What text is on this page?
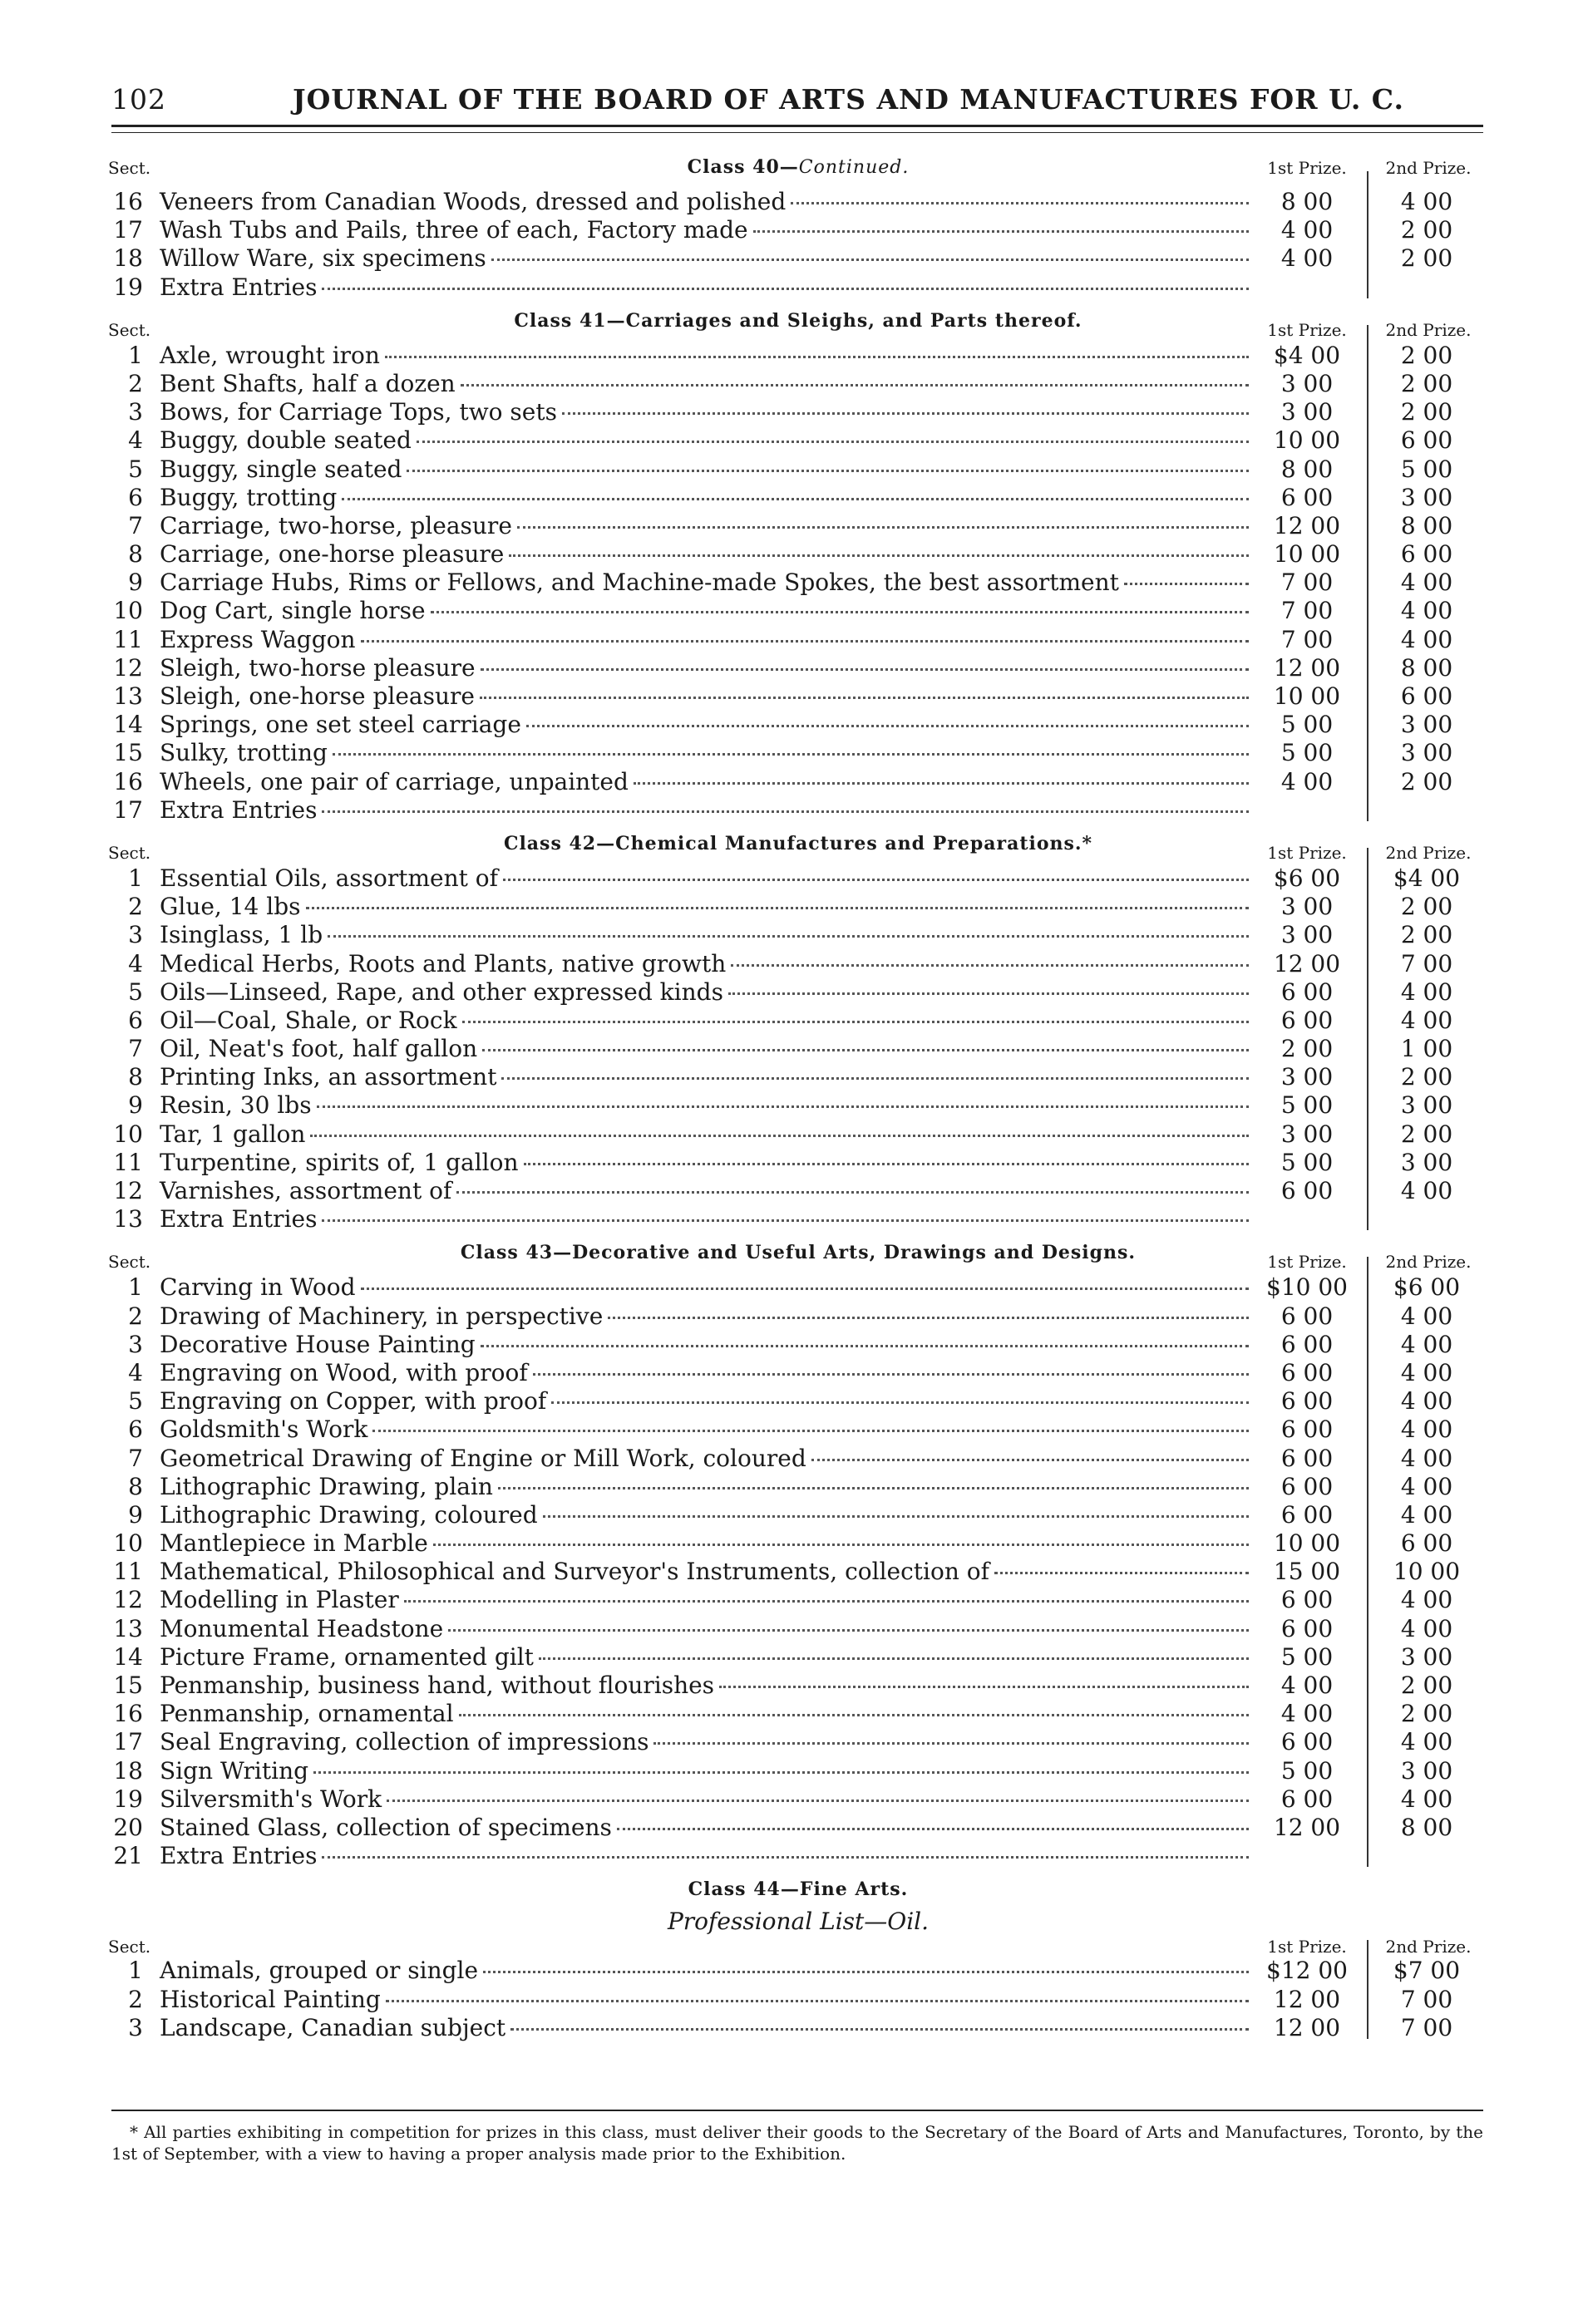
102	JOURNAL OF THE BOARD OF ARTS AND MANUFACTURES FOR U. C.
Sect.	Class 40—Continued.	1st Prize.	2nd Prize.
16 Veneers from Canadian Woods, dressed and polished	8 00	4 00
17 Wash Tubs and Pails, three of each, Factory made	4 00	2 00
18 Willow Ware, six specimens	4 00	2 00
19 Extra Entries
Sect.	Class 41—Carriages and Sleighs, and Parts thereof.	1st Prize.	2nd Prize.
1 Axle, wrought iron	$4 00	2 00
2 Bent Shafts, half a dozen	3 00	2 00
3 Bows, for Carriage Tops, two sets	3 00	2 00
4 Buggy, double seated	10 00	6 00
5 Buggy, single seated	8 00	5 00
6 Buggy, trotting	6 00	3 00
7 Carriage, two-horse, pleasure	12 00	8 00
8 Carriage, one-horse pleasure	10 00	6 00
9 Carriage Hubs, Rims or Fellows, and Machine-made Spokes, the best assortment	7 00	4 00
10 Dog Cart, single horse	7 00	4 00
11 Express Waggon	7 00	4 00
12 Sleigh, two-horse pleasure	12 00	8 00
13 Sleigh, one-horse pleasure	10 00	6 00
14 Springs, one set steel carriage	5 00	3 00
15 Sulky, trotting	5 00	3 00
16 Wheels, one pair of carriage, unpainted	4 00	2 00
17 Extra Entries
Sect.	Class 42—Chemical Manufactures and Preparations.*	1st Prize.	2nd Prize.
1 Essential Oils, assortment of	$6 00	$4 00
2 Glue, 14 lbs	3 00	2 00
3 Isinglass, 1 lb	3 00	2 00
4 Medical Herbs, Roots and Plants, native growth	12 00	7 00
5 Oils—Linseed, Rape, and other expressed kinds	6 00	4 00
6 Oil—Coal, Shale, or Rock	6 00	4 00
7 Oil, Neat's foot, half gallon	2 00	1 00
8 Printing Inks, an assortment	3 00	2 00
9 Resin, 30 lbs	5 00	3 00
10 Tar, 1 gallon	3 00	2 00
11 Turpentine, spirits of, 1 gallon	5 00	3 00
12 Varnishes, assortment of	6 00	4 00
13 Extra Entries
Sect.	Class 43—Decorative and Useful Arts, Drawings and Designs.	1st Prize.	2nd Prize.
1 Carving in Wood	$10 00	$6 00
2 Drawing of Machinery, in perspective	6 00	4 00
3 Decorative House Painting	6 00	4 00
4 Engraving on Wood, with proof	6 00	4 00
5 Engraving on Copper, with proof	6 00	4 00
6 Goldsmith's Work	6 00	4 00
7 Geometrical Drawing of Engine or Mill Work, coloured	6 00	4 00
8 Lithographic Drawing, plain	6 00	4 00
9 Lithographic Drawing, coloured	6 00	4 00
10 Mantlepiece in Marble	10 00	6 00
11 Mathematical, Philosophical and Surveyor's Instruments, collection of	15 00	10 00
12 Modelling in Plaster	6 00	4 00
13 Monumental Headstone	6 00	4 00
14 Picture Frame, ornamented gilt	5 00	3 00
15 Penmanship, business hand, without flourishes	4 00	2 00
16 Penmanship, ornamental	4 00	2 00
17 Seal Engraving, collection of impressions	6 00	4 00
18 Sign Writing	5 00	3 00
19 Silversmith's Work	6 00	4 00
20 Stained Glass, collection of specimens	12 00	8 00
21 Extra Entries
Class 44—Fine Arts.
Professional List—Oil.
Sect.	1st Prize.	2nd Prize.
1 Animals, grouped or single	$12 00	$7 00
2 Historical Painting	12 00	7 00
3 Landscape, Canadian subject	12 00	7 00
* All parties exhibiting in competition for prizes in this class, must deliver their goods to the Secretary of the Board of Arts and Manufactures, Toronto, by the 1st of September, with a view to having a proper analysis made prior to the Exhibition.
